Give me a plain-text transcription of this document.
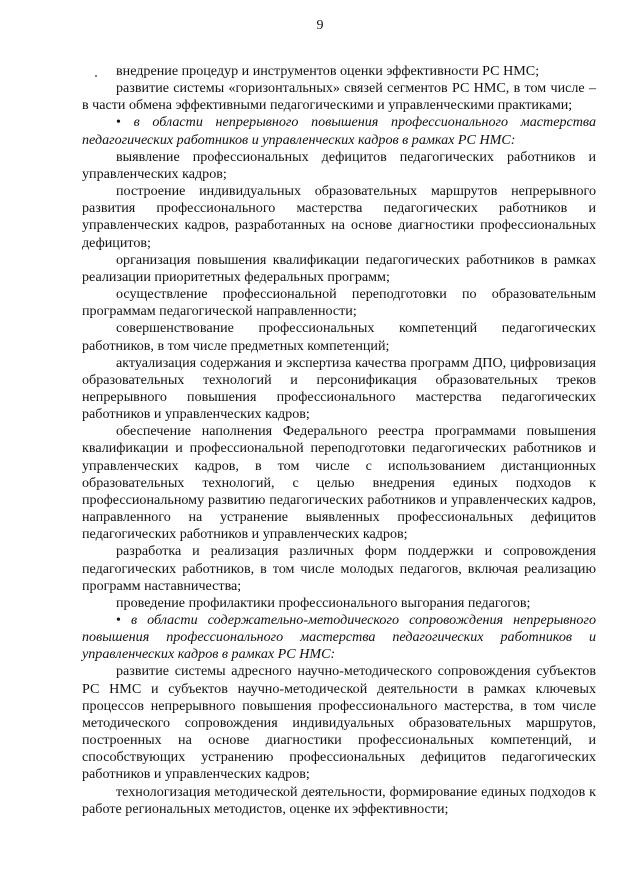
9

внедрение процедур и инструментов оценки эффективности РС НМС;

развитие системы «горизонтальных» связей сегментов РС НМС, в том числе – в части обмена эффективными педагогическими и управленческими практиками;

• в области непрерывного повышения профессионального мастерства педагогических работников и управленческих кадров в рамках РС НМС:

выявление профессиональных дефицитов педагогических работников и управленческих кадров;

построение индивидуальных образовательных маршрутов непрерывного развития профессионального мастерства педагогических работников и управленческих кадров, разработанных на основе диагностики профессиональных дефицитов;

организация повышения квалификации педагогических работников в рамках реализации приоритетных федеральных программ;

осуществление профессиональной переподготовки по образовательным программам педагогической направленности;

совершенствование профессиональных компетенций педагогических работников, в том числе предметных компетенций;

актуализация содержания и экспертиза качества программ ДПО, цифровизация образовательных технологий и персонификация образовательных треков непрерывного повышения профессионального мастерства педагогических работников и управленческих кадров;

обеспечение наполнения Федерального реестра программами повышения квалификации и профессиональной переподготовки педагогических работников и управленческих кадров, в том числе с использованием дистанционных образовательных технологий, с целью внедрения единых подходов к профессиональному развитию педагогических работников и управленческих кадров, направленного на устранение выявленных профессиональных дефицитов педагогических работников и управленческих кадров;

разработка и реализация различных форм поддержки и сопровождения педагогических работников, в том числе молодых педагогов, включая реализацию программ наставничества;

проведение профилактики профессионального выгорания педагогов;

• в области содержательно-методического сопровождения непрерывного повышения профессионального мастерства педагогических работников и управленческих кадров в рамках РС НМС:

развитие системы адресного научно-методического сопровождения субъектов РС НМС и субъектов научно-методической деятельности в рамках ключевых процессов непрерывного повышения профессионального мастерства, в том числе методического сопровождения индивидуальных образовательных маршрутов, построенных на основе диагностики профессиональных компетенций, и способствующих устранению профессиональных дефицитов педагогических работников и управленческих кадров;

технологизация методической деятельности, формирование единых подходов к работе региональных методистов, оценке их эффективности;
